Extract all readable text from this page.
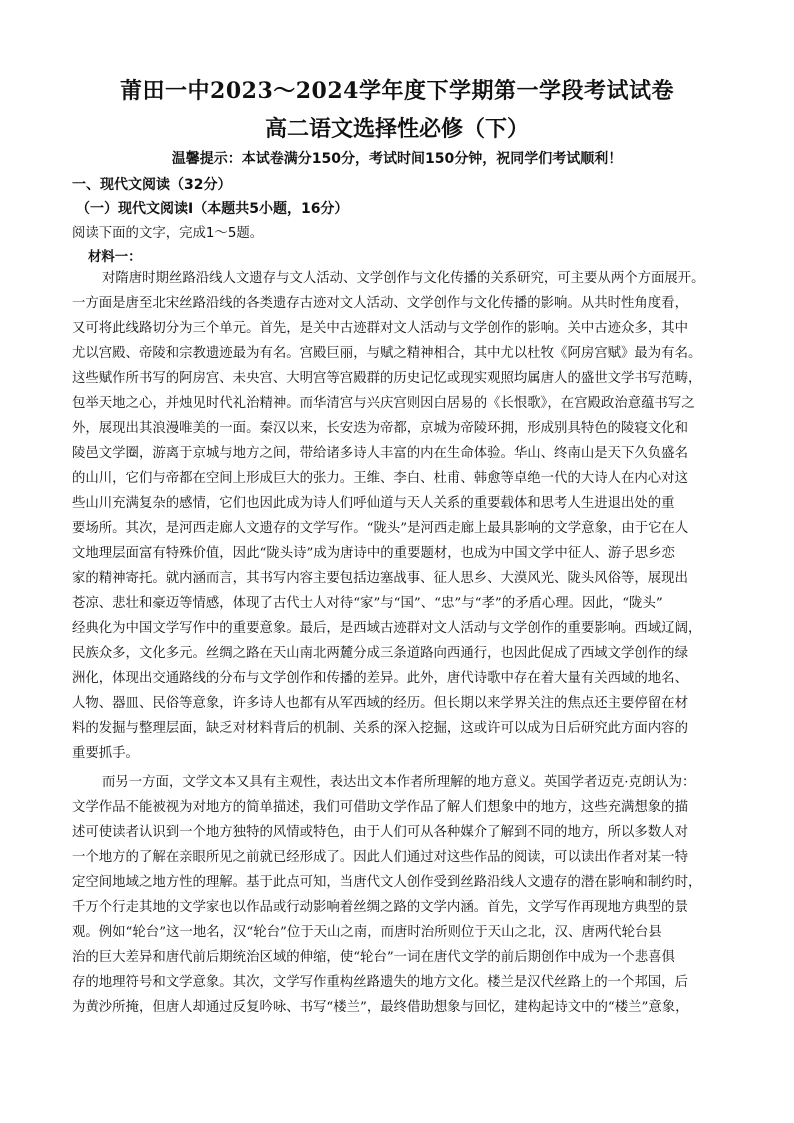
莆田一中2023～2024学年度下学期第一学段考试试卷
高二语文选择性必修（下）
温馨提示：本试卷满分150分，考试时间150分钟，祝同学们考试顺利！
一、现代文阅读（32分）
（一）现代文阅读Ⅰ（本题共5小题，16分）
阅读下面的文字，完成1～5题。
材料一：
对隋唐时期丝路沿线人文遗存与文人活动、文学创作与文化传播的关系研究，可主要从两个方面展开。
一方面是唐至北宋丝路沿线的各类遗存古迹对文人活动、文学创作与文化传播的影响。从共时性角度看，
又可将此线路切分为三个单元。首先，是关中古迹群对文人活动与文学创作的影响。关中古迹众多，其中
尤以宫殿、帝陵和宗教遗迹最为有名。宫殿巨丽，与赋之精神相合，其中尤以杜牧《阿房宫赋》最为有名。
这些赋作所书写的阿房宫、未央宫、大明宫等宫殿群的历史记忆或现实观照均属唐人的盛世文学书写范畴，
包举天地之心，并烛见时代礼治精神。而华清宫与兴庆宫则因白居易的《长恨歌》，在宫殿政治意蕴书写之
外，展现出其浪漫唯美的一面。秦汉以来，长安迭为帝都，京城为帝陵环拥，形成别具特色的陵寝文化和
陵邑文学圈，游离于京城与地方之间，带给诸多诗人丰富的内在生命体验。华山、终南山是天下久负盛名
的山川，它们与帝都在空间上形成巨大的张力。王维、李白、杜甫、韩愈等卓绝一代的大诗人在内心对这
些山川充满复杂的感情，它们也因此成为诗人们呼仙道与天人关系的重要载体和思考人生进退出处的重
要场所。其次，是河西走廊人文遗存的文学写作。“陇头”是河西走廊上最具影响的文学意象，由于它在人
文地理层面富有特殊价值，因此“陇头诗”成为唐诗中的重要题材，也成为中国文学中征人、游子思乡恋
家的精神寄托。就内涵而言，其书写内容主要包括边塞战事、征人思乡、大漠风光、陇头风俗等，展现出
苍凉、悲壮和豪迈等情感，体现了古代士人对待“家”与“国”、“忠”与“孝”的矛盾心理。因此，“陇头”
经典化为中国文学写作中的重要意象。最后，是西域古迹群对文人活动与文学创作的重要影响。西域辽阔，
民族众多，文化多元。丝绸之路在天山南北两麓分成三条道路向西通行，也因此促成了西域文学创作的绿
洲化，体现出交通路线的分布与文学创作和传播的差异。此外，唐代诗歌中存在着大量有关西域的地名、
人物、器皿、民俗等意象，许多诗人也都有从军西域的经历。但长期以来学界关注的焦点还主要停留在材
料的发掘与整理层面，缺乏对材料背后的机制、关系的深入挖掘，这或许可以成为日后研究此方面内容的
重要抓手。
而另一方面，文学文本又具有主观性，表达出文本作者所理解的地方意义。英国学者迈克·克朗认为：
文学作品不能被视为对地方的简单描述，我们可借助文学作品了解人们想象中的地方，这些充满想象的描
述可使读者认识到一个地方独特的风情或特色，由于人们可从各种媒介了解到不同的地方，所以多数人对
一个地方的了解在亲眼所见之前就已经形成了。因此人们通过对这些作品的阅读，可以读出作者对某一特
定空间地域之地方性的理解。基于此点可知，当唐代文人创作受到丝路沿线人文遗存的潜在影响和制约时，
千万个行走其地的文学家也以作品或行动影响着丝绸之路的文学内涵。首先，文学写作再现地方典型的景
观。例如“轮台”这一地名，汉“轮台”位于天山之南，而唐时治所则位于天山之北，汉、唐两代轮台县
治的巨大差异和唐代前后期统治区域的伸缩，使“轮台”一词在唐代文学的前后期创作中成为一个悲喜俱
存的地理符号和文学意象。其次，文学写作重构丝路遗失的地方文化。楼兰是汉代丝路上的一个邦国，后
为黄沙所掩，但唐人却通过反复吟咏、书写“楼兰”，最终借助想象与回忆，建构起诗文中的“楼兰”意象，
